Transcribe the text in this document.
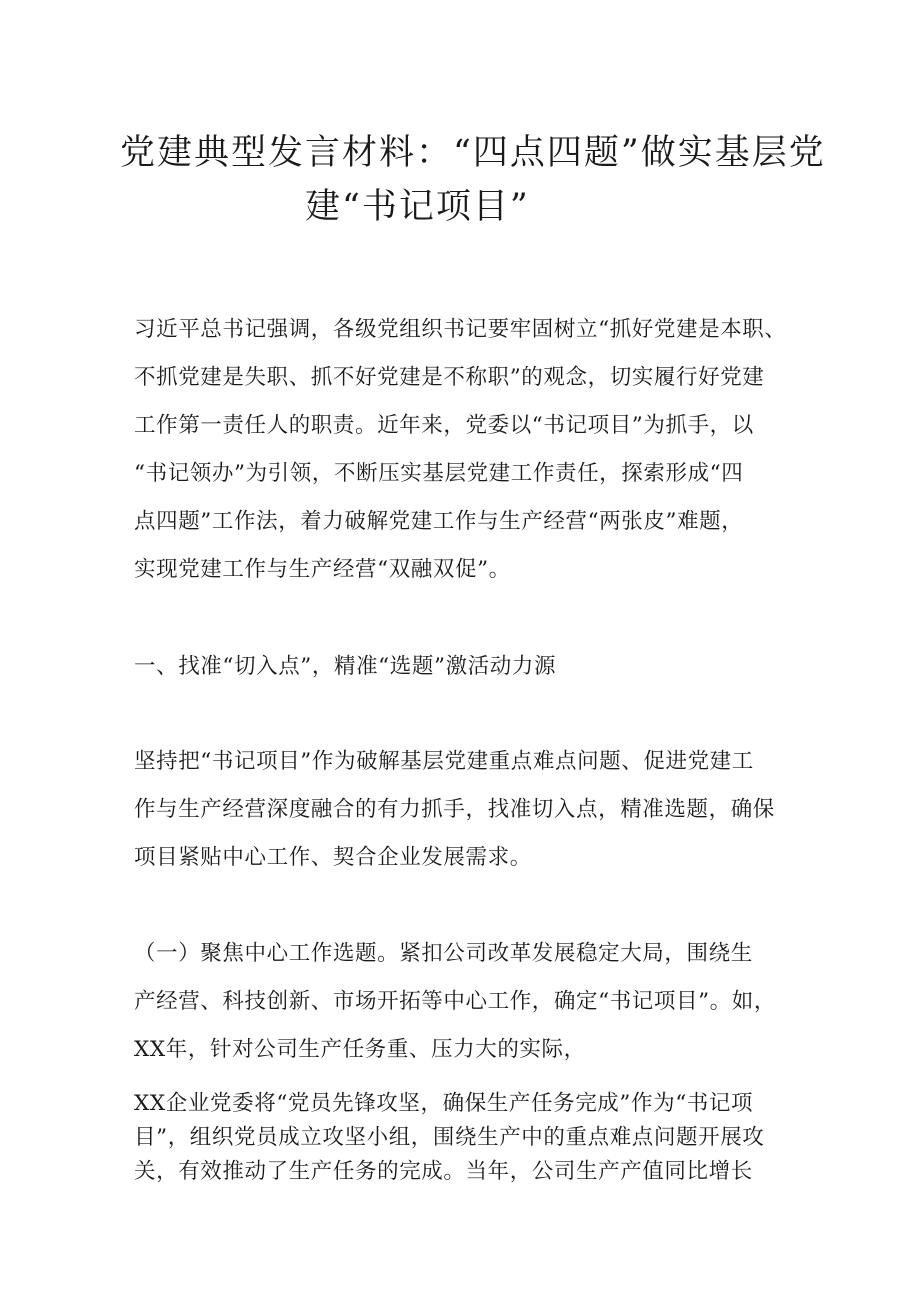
党建典型发言材料：“四点四题”做实基层党
建“书记项目”

习近平总书记强调，各级党组织书记要牢固树立“抓好党建是本职、
不抓党建是失职、抓不好党建是不称职”的观念，切实履行好党建
工作第一责任人的职责。近年来，党委以“书记项目”为抓手，以
“书记领办”为引领，不断压实基层党建工作责任，探索形成“四
点四题”工作法，着力破解党建工作与生产经营“两张皮”难题，
实现党建工作与生产经营“双融双促”。

一、找准“切入点”，精准“选题”激活动力源

坚持把“书记项目”作为破解基层党建重点难点问题、促进党建工
作与生产经营深度融合的有力抓手，找准切入点，精准选题，确保
项目紧贴中心工作、契合企业发展需求。

（一）聚焦中心工作选题。紧扣公司改革发展稳定大局，围绕生
产经营、科技创新、市场开拓等中心工作，确定“书记项目”。如，
XX年，针对公司生产任务重、压力大的实际，

XX企业党委将“党员先锋攻坚，确保生产任务完成”作为“书记项
目”，组织党员成立攻坚小组，围绕生产中的重点难点问题开展攻
关，有效推动了生产任务的完成。当年，公司生产产值同比增长
